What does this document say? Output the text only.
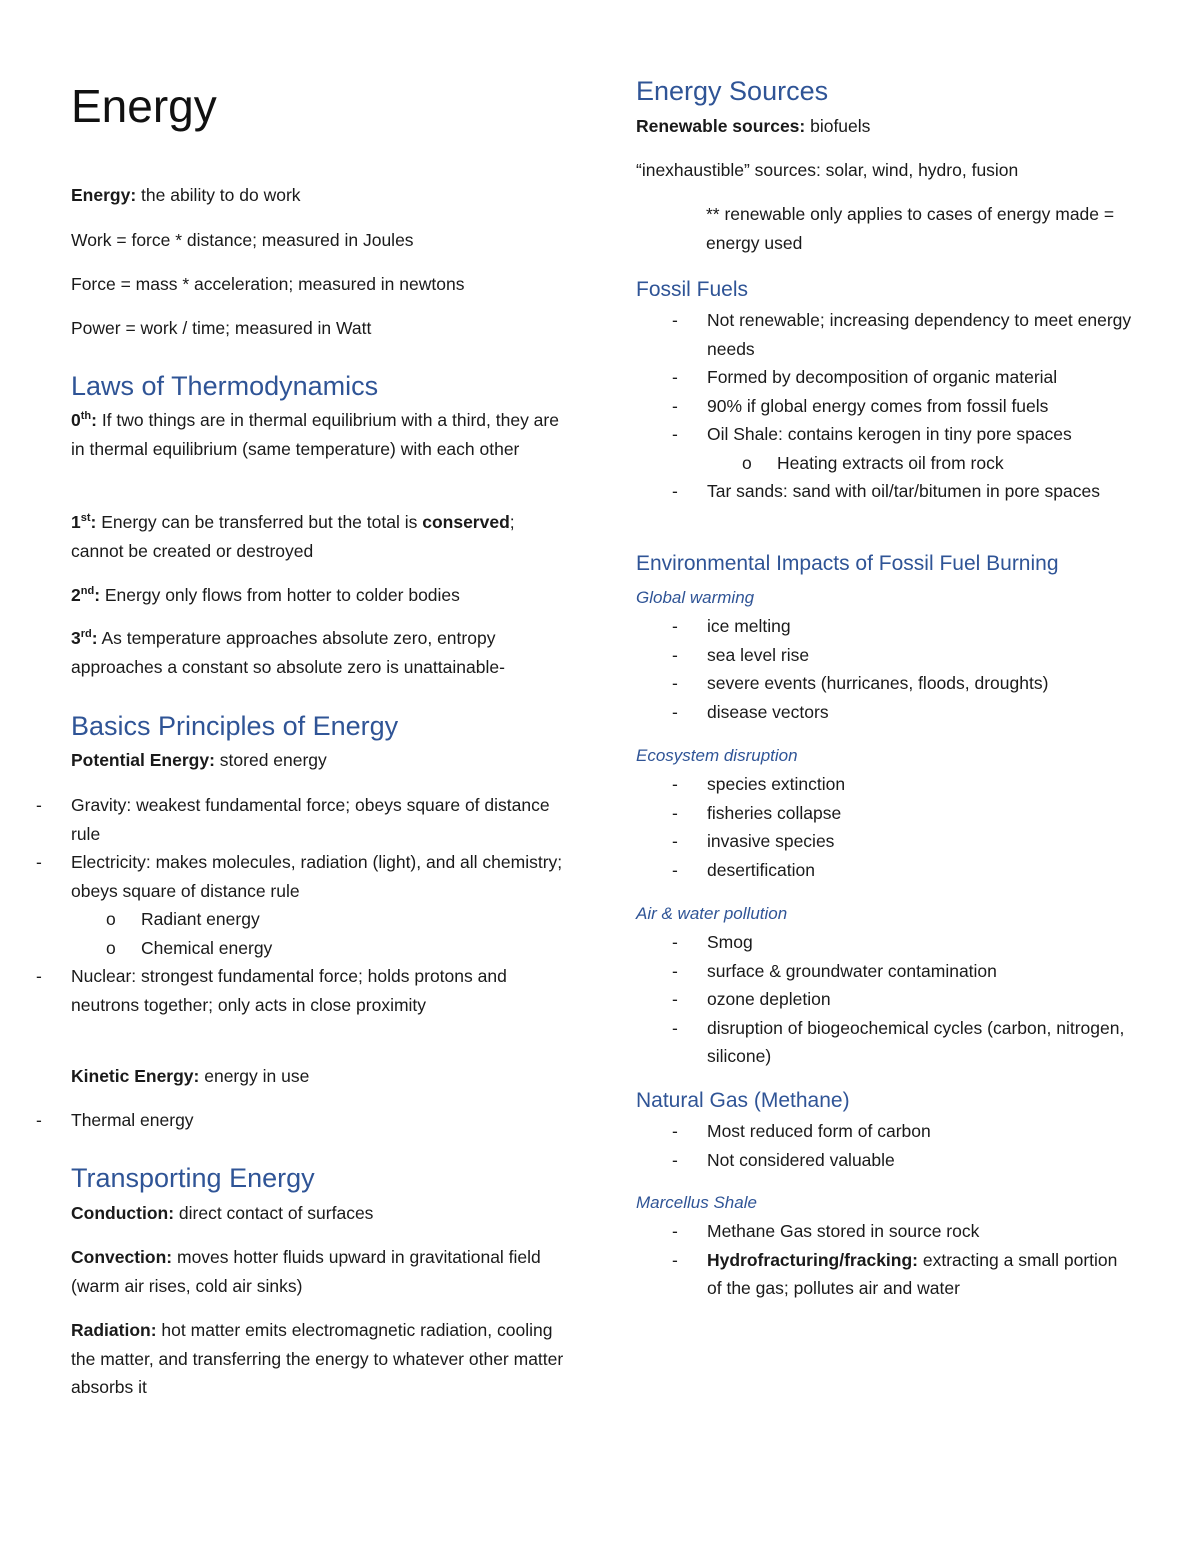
Energy

Energy: the ability to do work

Work = force * distance; measured in Joules

Force = mass * acceleration; measured in newtons

Power = work / time; measured in Watt

Laws of Thermodynamics

0th: If two things are in thermal equilibrium with a third, they are in thermal equilibrium (same temperature) with each other

1st: Energy can be transferred but the total is conserved; cannot be created or destroyed

2nd: Energy only flows from hotter to colder bodies

3rd: As temperature approaches absolute zero, entropy approaches a constant so absolute zero is unattainable-

Basics Principles of Energy

Potential Energy: stored energy

- Gravity: weakest fundamental force; obeys square of distance rule
- Electricity: makes molecules, radiation (light), and all chemistry; obeys square of distance rule
o Radiant energy
o Chemical energy
- Nuclear: strongest fundamental force; holds protons and neutrons together; only acts in close proximity

Kinetic Energy: energy in use

- Thermal energy
Transporting Energy

Conduction: direct contact of surfaces

Convection: moves hotter fluids upward in gravitational field (warm air rises, cold air sinks)

Radiation: hot matter emits electromagnetic radiation, cooling the matter, and transferring the energy to whatever other matter absorbs it

Energy Sources

Renewable sources: biofuels

“inexhaustible” sources: solar, wind, hydro, fusion

** renewable only applies to cases of energy made = energy used

Fossil Fuels
- Not renewable; increasing dependency to meet energy needs
- Formed by decomposition of organic material
- 90% if global energy comes from fossil fuels
- Oil Shale: contains kerogen in tiny pore spaces
o Heating extracts oil from rock
- Tar sands: sand with oil/tar/bitumen in pore spaces
Environmental Impacts of Fossil Fuel Burning
Global warming
- ice melting
- sea level rise
- severe events (hurricanes, floods, droughts)
- disease vectors
Ecosystem disruption
- species extinction
- fisheries collapse
- invasive species
- desertification
Air & water pollution
- Smog
- surface & groundwater contamination
- ozone depletion
- disruption of biogeochemical cycles (carbon, nitrogen, silicone)
Natural Gas (Methane)
- Most reduced form of carbon
- Not considered valuable
Marcellus Shale
- Methane Gas stored in source rock
- Hydrofracturing/fracking: extracting a small portion of the gas; pollutes air and water
